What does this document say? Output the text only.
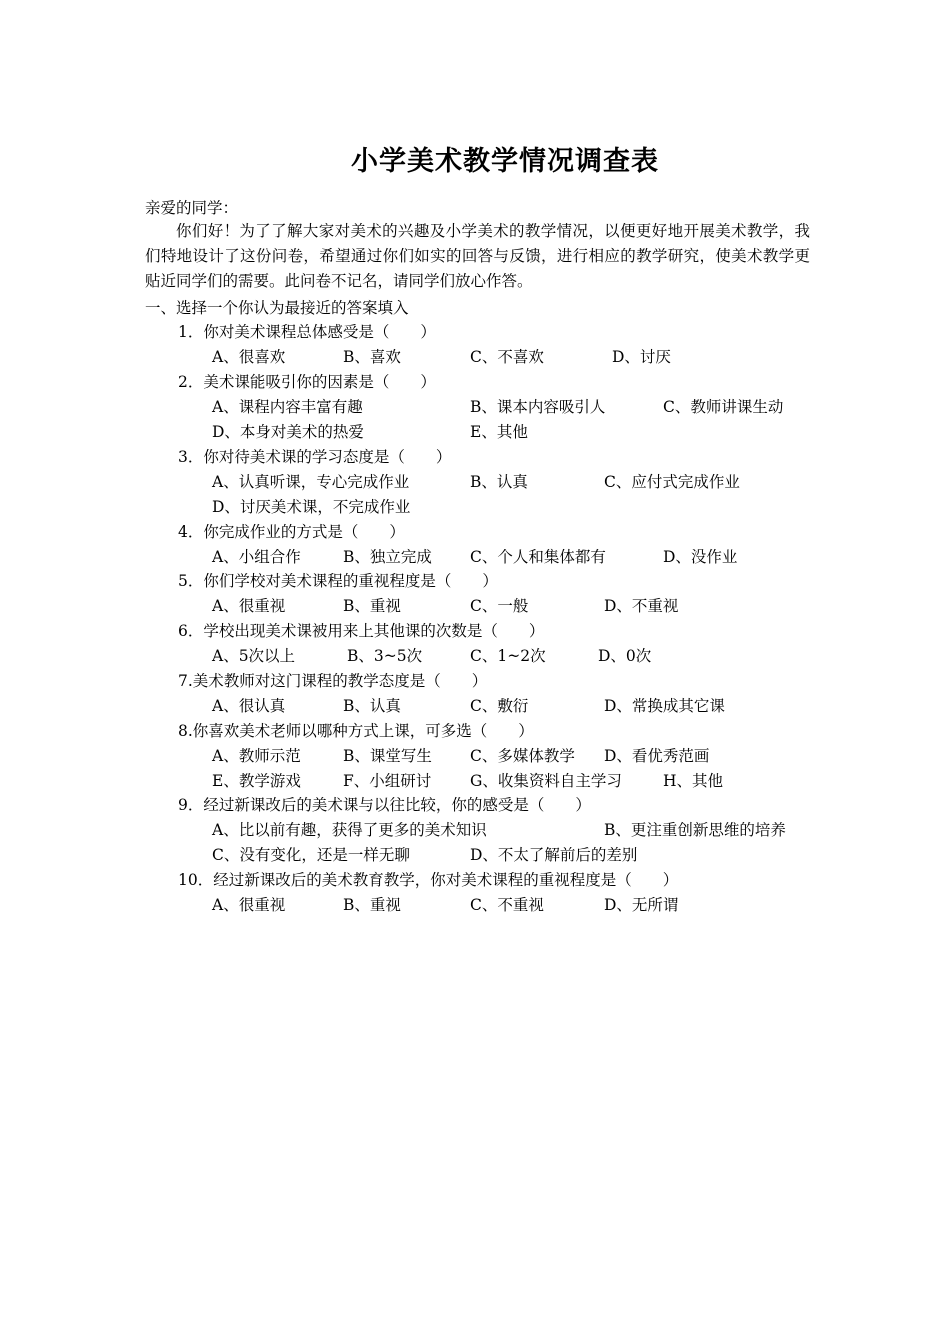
小学美术教学情况调查表
亲爱的同学：
你们好！为了了解大家对美术的兴趣及小学美术的教学情况，以便更好地开展美术教学，我们特地设计了这份问卷，希望通过你们如实的回答与反馈，进行相应的教学研究，使美术教学更贴近同学们的需要。此问卷不记名，请同学们放心作答。
一、选择一个你认为最接近的答案填入
1．你对美术课程总体感受是（　　）
A、很喜欢	B、喜欢	C、不喜欢	D、讨厌
2．美术课能吸引你的因素是（　　）
A、课程内容丰富有趣	B、课本内容吸引人	C、教师讲课生动
D、本身对美术的热爱	E、其他
3．你对待美术课的学习态度是（　　）
A、认真听课，专心完成作业	B、认真	C、应付式完成作业
D、讨厌美术课，不完成作业
4．你完成作业的方式是（　　）
A、小组合作	B、独立完成 C、个人和集体都有	D、没作业
5．你们学校对美术课程的重视程度是（　　）
A、很重视	B、重视	C、一般	D、不重视
6．学校出现美术课被用来上其他课的次数是（　　）
A、5次以上	B、3~5次	C、1~2次	D、0次
7.美术教师对这门课程的教学态度是（　　）
A、很认真	B、认真	C、敷衍	D、常换成其它课
8.你喜欢美术老师以哪种方式上课，可多选（　　）
A、教师示范	B、课堂写生 C、多媒体教学 D、看优秀范画
E、教学游戏	F、小组研讨 G、收集资料自主学习	H、其他
9．经过新课改后的美术课与以往比较，你的感受是（　　）
A、比以前有趣，获得了更多的美术知识	B、更注重创新思维的培养
C、没有变化，还是一样无聊	D、不太了解前后的差别
10．经过新课改后的美术教育教学，你对美术课程的重视程度是（　　）
A、很重视	B、重视	C、不重视	D、无所谓
